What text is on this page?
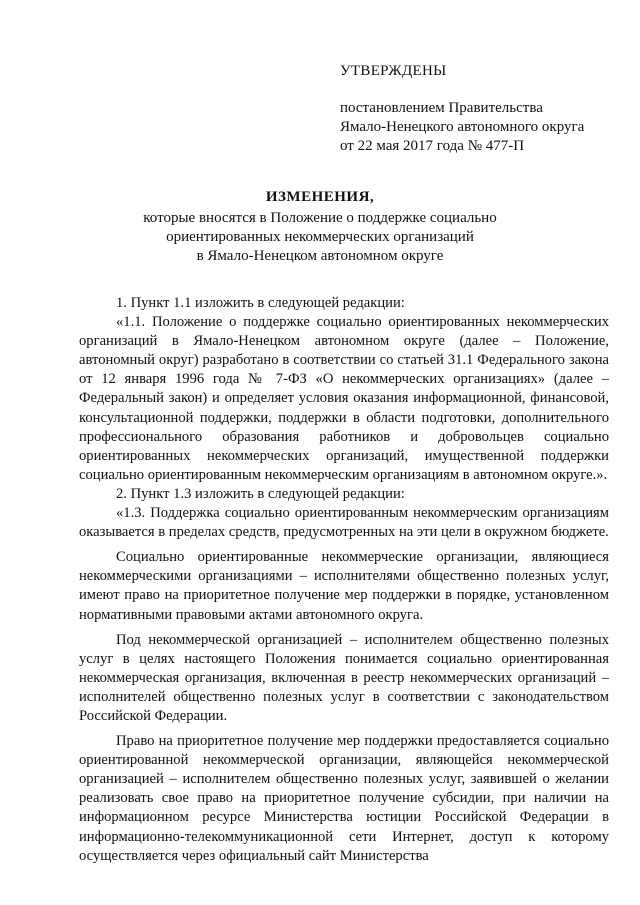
УТВЕРЖДЕНЫ
постановлением Правительства
Ямало-Ненецкого автономного округа
от 22 мая 2017 года № 477-П
ИЗМЕНЕНИЯ,
которые вносятся в Положение о поддержке социально
ориентированных некоммерческих организаций
в Ямало-Ненецком автономном округе

1. Пункт 1.1 изложить в следующей редакции:

«1.1. Положение о поддержке социально ориентированных некоммерческих организаций в Ямало-Ненецком автономном округе (далее – Положение, автономный округ) разработано в соответствии со статьей 31.1 Федерального закона от 12 января 1996 года № 7-ФЗ «О некоммерческих организациях» (далее – Федеральный закон) и определяет условия оказания информационной, финансовой, консультационной поддержки, поддержки в области подготовки, дополнительного профессионального образования работников и добровольцев социально ориентированных некоммерческих организаций, имущественной поддержки социально ориентированным некоммерческим организациям в автономном округе.».

2. Пункт 1.3 изложить в следующей редакции:

«1.3. Поддержка социально ориентированным некоммерческим организациям оказывается в пределах средств, предусмотренных на эти цели в окружном бюджете.

Социально ориентированные некоммерческие организации, являющиеся некоммерческими организациями – исполнителями общественно полезных услуг, имеют право на приоритетное получение мер поддержки в порядке, установленном нормативными правовыми актами автономного округа.

Под некоммерческой организацией – исполнителем общественно полезных услуг в целях настоящего Положения понимается социально ориентированная некоммерческая организация, включенная в реестр некоммерческих организаций – исполнителей общественно полезных услуг в соответствии с законодательством Российской Федерации.

Право на приоритетное получение мер поддержки предоставляется социально ориентированной некоммерческой организации, являющейся некоммерческой организацией – исполнителем общественно полезных услуг, заявившей о желании реализовать свое право на приоритетное получение субсидии, при наличии на информационном ресурсе Министерства юстиции Российской Федерации в информационно-телекоммуникационной сети Интернет, доступ к которому осуществляется через официальный сайт Министерства
